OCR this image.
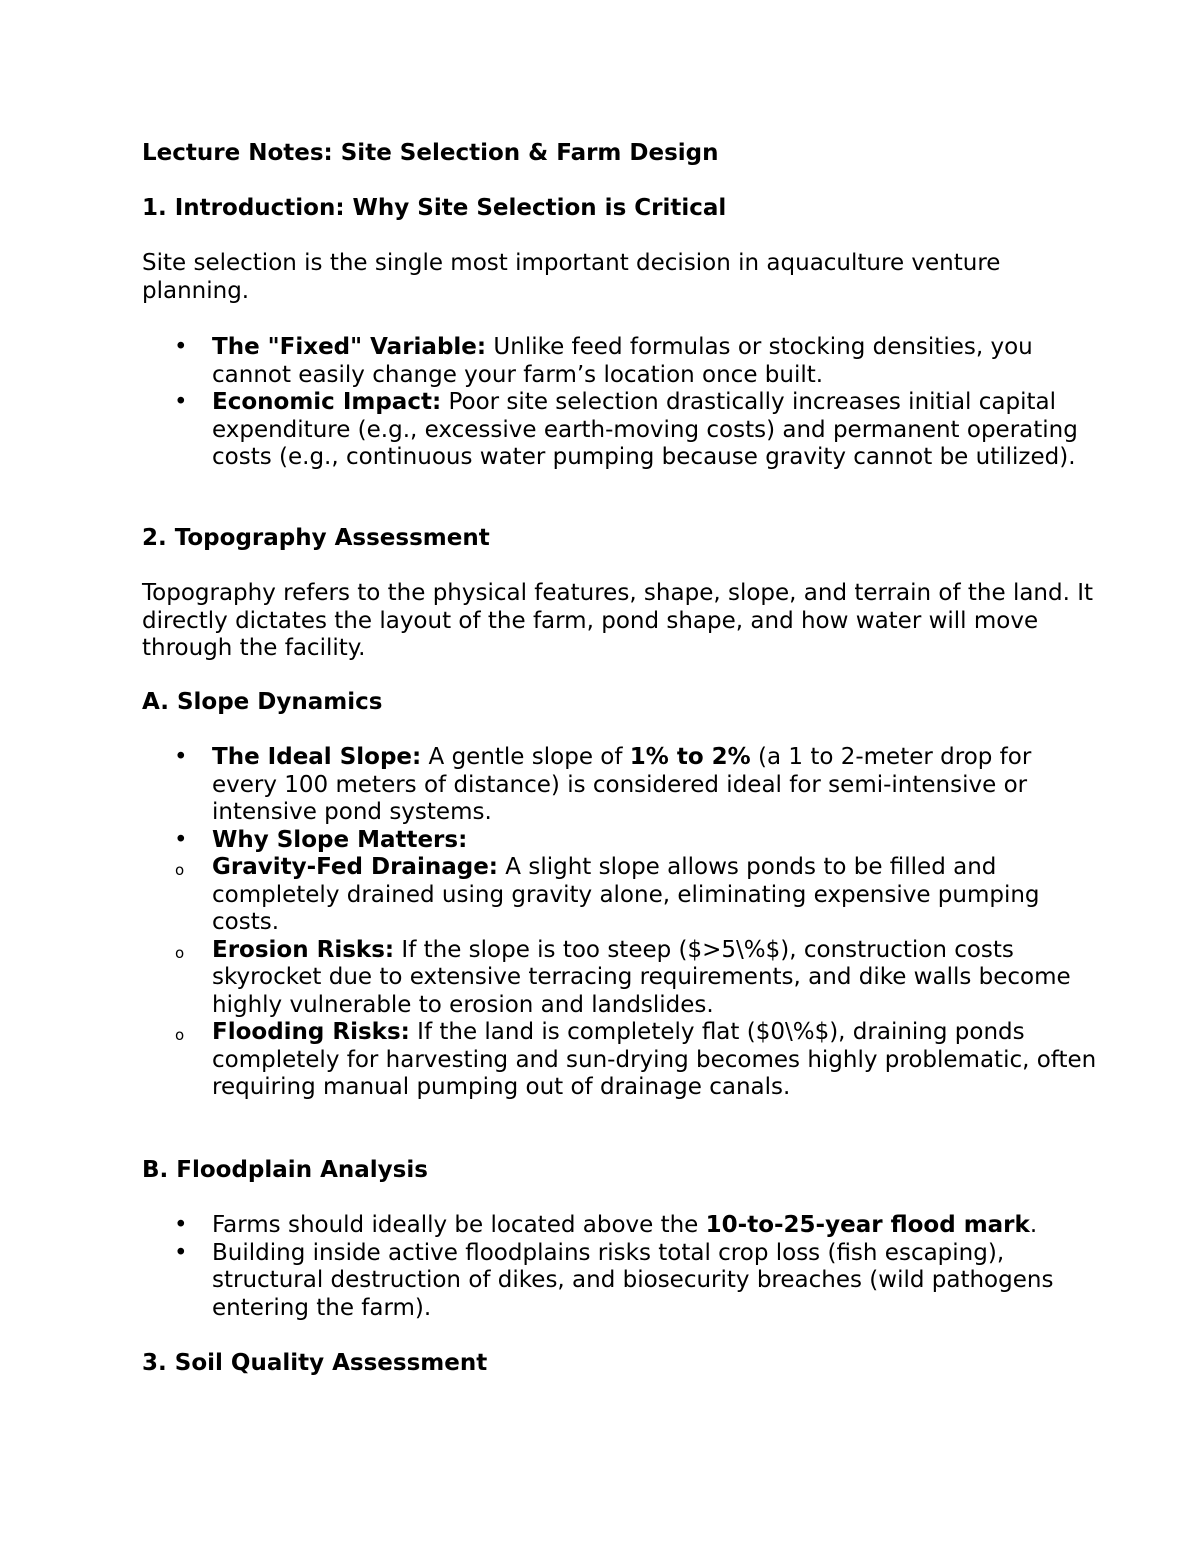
Lecture Notes: Site Selection & Farm Design
1. Introduction: Why Site Selection is Critical

Site selection is the single most important decision in aquaculture venture planning.

• The "Fixed" Variable: Unlike feed formulas or stocking densities, you cannot easily change your farm’s location once built.
• Economic Impact: Poor site selection drastically increases initial capital expenditure (e.g., excessive earth-moving costs) and permanent operating costs (e.g., continuous water pumping because gravity cannot be utilized).
2. Topography Assessment

Topography refers to the physical features, shape, slope, and terrain of the land. It directly dictates the layout of the farm, pond shape, and how water will move through the facility.

A. Slope Dynamics
• The Ideal Slope: A gentle slope of 1% to 2% (a 1 to 2-meter drop for every 100 meters of distance) is considered ideal for semi-intensive or intensive pond systems.
• Why Slope Matters:
o Gravity-Fed Drainage: A slight slope allows ponds to be filled and completely drained using gravity alone, eliminating expensive pumping costs.
o Erosion Risks: If the slope is too steep ($>5\%$), construction costs skyrocket due to extensive terracing requirements, and dike walls become highly vulnerable to erosion and landslides.
o Flooding Risks: If the land is completely flat ($0\%$), draining ponds completely for harvesting and sun-drying becomes highly problematic, often requiring manual pumping out of drainage canals.
B. Floodplain Analysis
• Farms should ideally be located above the 10-to-25-year flood mark.
• Building inside active floodplains risks total crop loss (fish escaping), structural destruction of dikes, and biosecurity breaches (wild pathogens entering the farm).
3. Soil Quality Assessment
